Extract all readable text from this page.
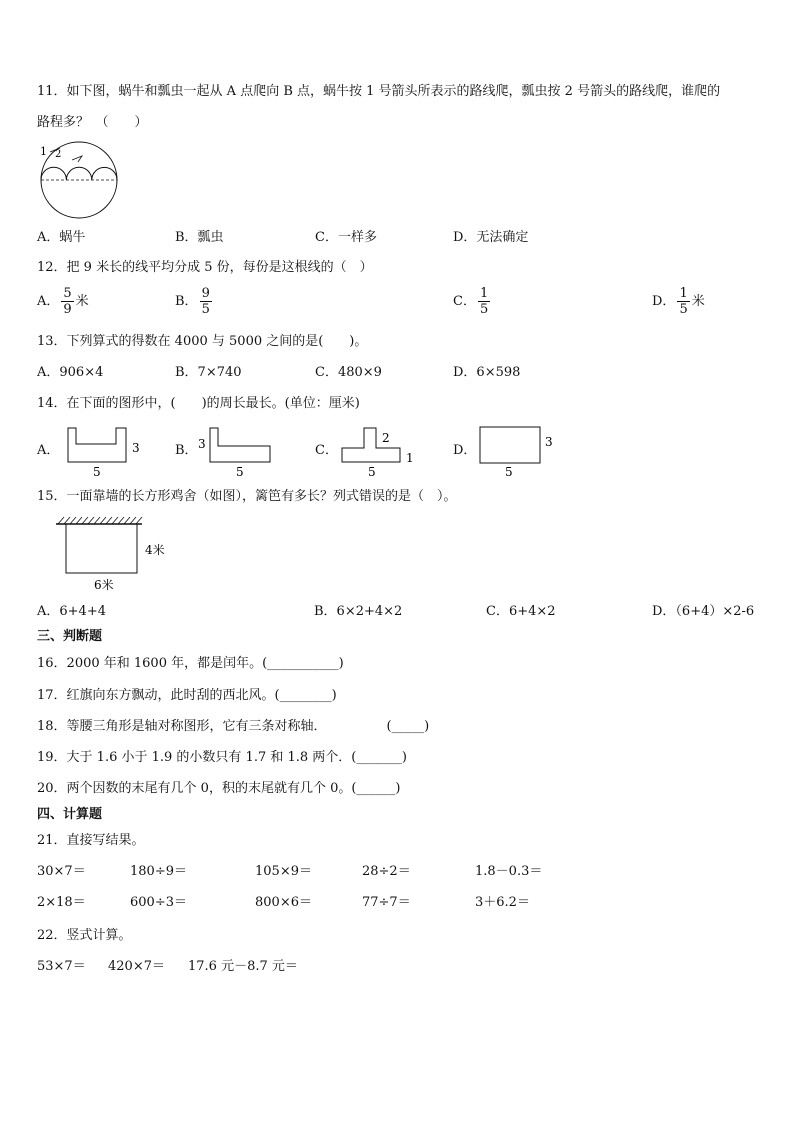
11．如下图，蜗牛和瓢虫一起从 A 点爬向 B 点，蜗牛按 1 号箭头所表示的路线爬，瓢虫按 2 号箭头的路线爬，谁爬的
路程多？　（　　）
1 2
A．蜗牛	B．瓢虫	C．一样多	D．无法确定
12．把 9 米长的线平均分成 5 份，每份是这根线的（　）
A． $\frac{5}{9}$ 米	B． $\frac{9}{5}$	C． $\frac{1}{5}$	D． $\frac{1}{5}$ 米
13．下列算式的得数在 4000 与 5000 之间的是(　　)。
A．906×4	B．7×740	C．480×9	D．6×598
14．在下面的图形中，(　　)的周长最长。(单位：厘米)
A．	3
5
B． 3
5
C．
2
1
5
D．
3
5
15．一面靠墙的长方形鸡舍（如图），篱笆有多长？列式错误的是（　）。
4米
6米
A．6+4+4	B．6×2+4×2	C．6+4×2	D．（6+4）×2-6
三、判断题
16．2000 年和 1600 年，都是闰年。(___________)
17．红旗向东方飘动，此时刮的西北风。(________)
18．等腰三角形是轴对称图形，它有三条对称轴．	(_____)
19．大于 1.6 小于 1.9 的小数只有 1.7 和 1.8 两个．(_______)
20．两个因数的末尾有几个 0，积的末尾就有几个 0。(______)
四、计算题
21．直接写结果。
30×7＝	180÷9＝	105×9＝	28÷2＝	1.8－0.3＝
2×18＝	600÷3＝	800×6＝	77÷7＝	3＋6.2＝
22．竖式计算。
53×7＝ 420×7＝ 17.6 元－8.7 元＝
